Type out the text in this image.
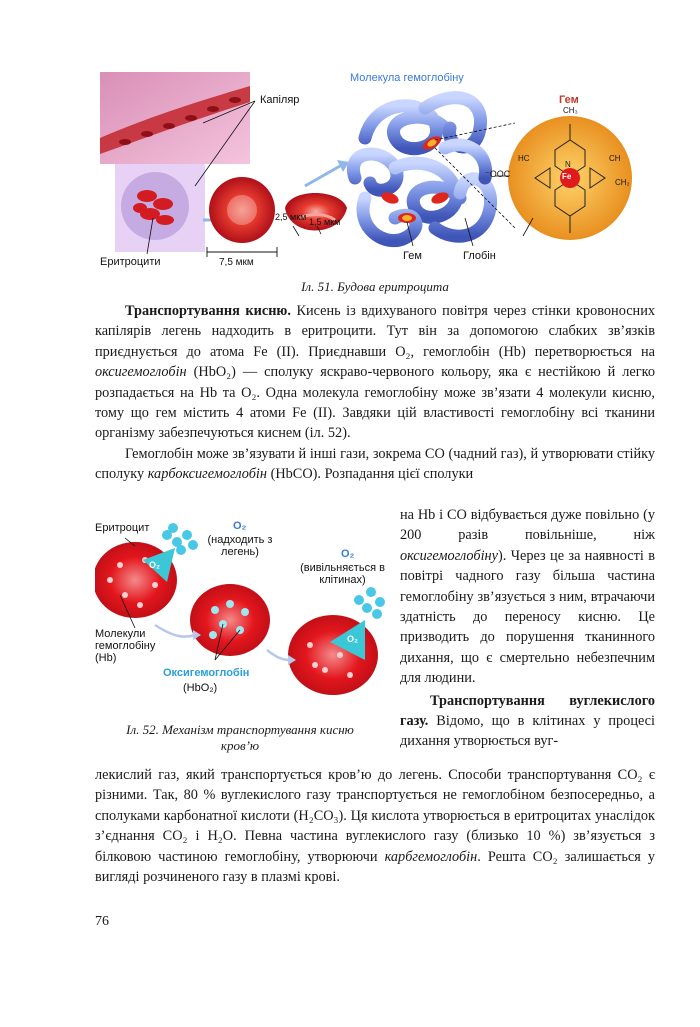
Капіляр
Еритроцити	7,5 мкм
2,5 мкм 1,5 мкм
Молекула гемоглобіну
Гем
Гем	Глобін
Fe
CH₃
HC	CH
CH₂
N
⁻OOC
Іл. 51. Будова еритроцита

Транспортування кисню. Кисень із вдихуваного повітря через стінки кровоносних капілярів легень надходить в еритроцити. Тут він за допомогою слабких зв’язків приєднується до атома Fe (ІІ). Приєднавши O₂, гемоглобін (Hb) перетворюється на оксигемоглобін (HbO₂) — сполуку яскраво-червоного кольору, яка є нестійкою й легко розпадається на Hb та O₂. Одна молекула гемоглобіну може зв’язати 4 молекули кисню, тому що гем містить 4 атоми Fe (ІІ). Завдяки цій властивості гемоглобіну всі тканини організму забезпечуються киснем (іл. 52).

Гемоглобін може зв’язувати й інші гази, зокрема CO (чадний газ), й утворювати стійку сполуку карбоксигемоглобін (HbCO). Розпадання цієї сполуки

Еритроцит	O₂
(надходить з легень)	O₂
(вивільняється в клітинах)
Молекули гемоглобіну (Hb)
Оксигемоглобін
(HbO₂)
O₂
O₂
Іл. 52. Механізм транспортування кисню кров’ю

на Hb і CO відбувається дуже повільно (у 200 разів повільніше, ніж оксигемоглобіну). Через це за наявності в повітрі чадного газу більша частина гемоглобіну зв’язується з ним, втрачаючи здатність до переносу кисню. Це призводить до порушення тканинного дихання, що є смертельно небезпечним для людини.

Транспортування вуглекислого газу. Відомо, що в клітинах у процесі дихання утворюється вуг-

лекислий газ, який транспортується кров’ю до легень. Способи транспортування CO₂ є різними. Так, 80 % вуглекислого газу транспортується не гемоглобіном безпосередньо, а сполуками карбонатної кислоти (H₂CO₃). Ця кислота утворюється в еритроцитах унаслідок з’єднання CO₂ і H₂O. Певна частина вуглекислого газу (близько 10 %) зв’язується з білковою частиною гемоглобіну, утворюючи карбгемоглобін. Решта CO₂ залишається у вигляді розчиненого газу в плазмі крові.

76
